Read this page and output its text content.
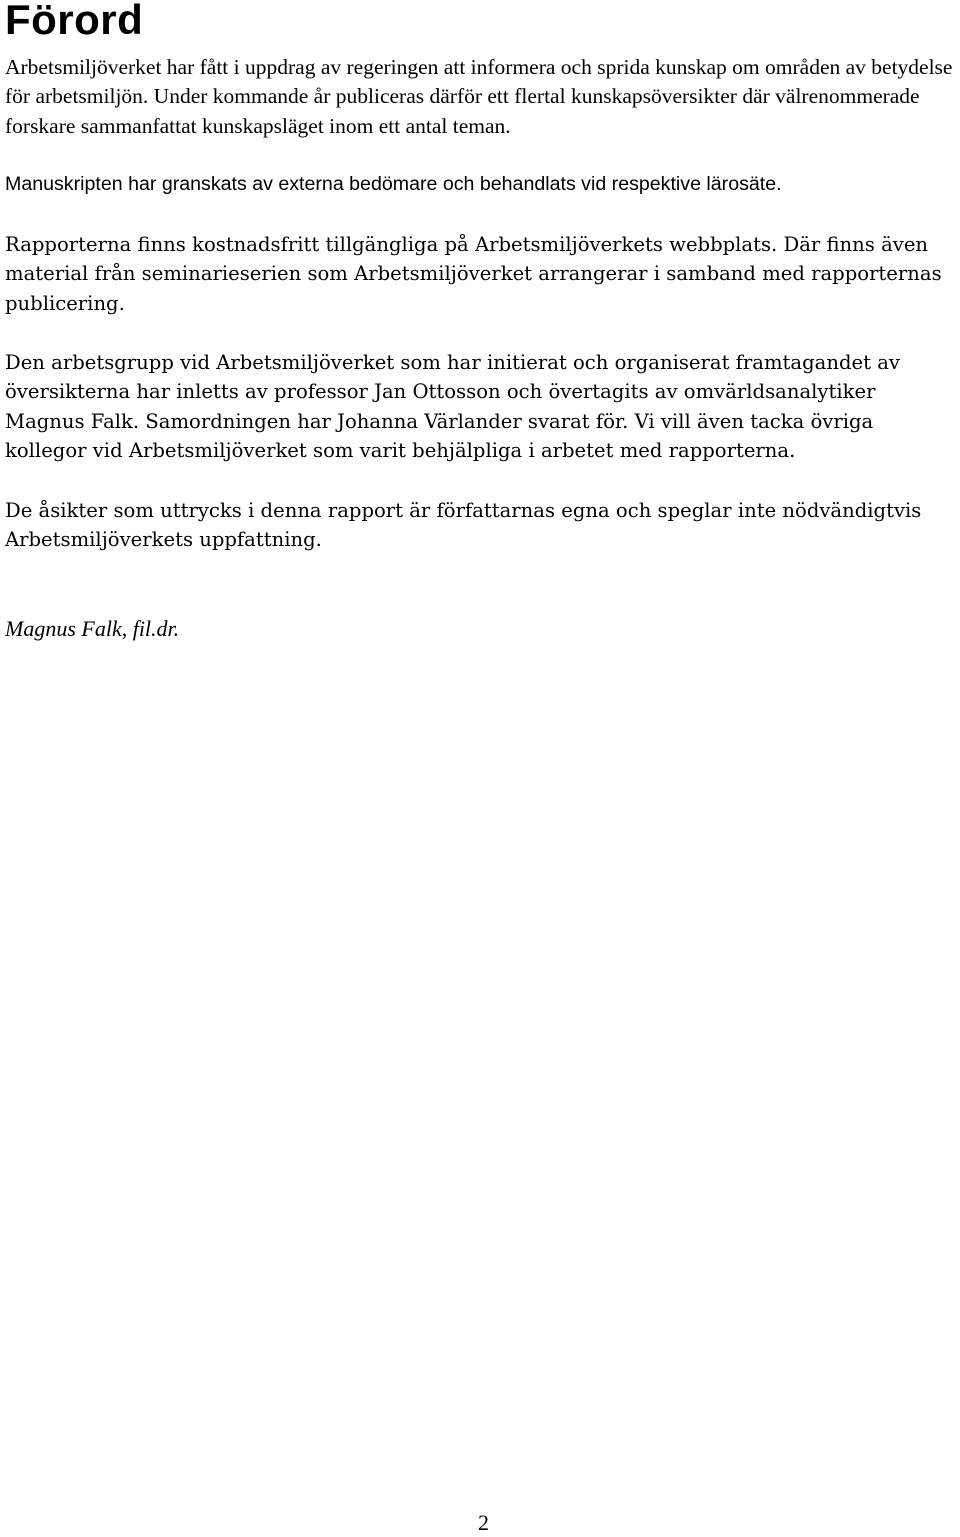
Förord

Arbetsmiljöverket har fått i uppdrag av regeringen att informera och sprida kunskap om områden av betydelse för arbetsmiljön. Under kommande år publiceras därför ett flertal kunskapsöversikter där välrenommerade forskare sammanfattat kunskapsläget inom ett antal teman.

Manuskripten har granskats av externa bedömare och behandlats vid respektive lärosäte.

Rapporterna finns kostnadsfritt tillgängliga på Arbetsmiljöverkets webbplats. Där finns även material från seminarieserien som Arbetsmiljöverket arrangerar i samband med rapporternas publicering.

Den arbetsgrupp vid Arbetsmiljöverket som har initierat och organiserat framtagandet av översikterna har inletts av professor Jan Ottosson och övertagits av omvärldsanalytiker Magnus Falk. Samordningen har Johanna Värlander svarat för. Vi vill även tacka övriga kollegor vid Arbetsmiljöverket som varit behjälpliga i arbetet med rapporterna.

De åsikter som uttrycks i denna rapport är författarnas egna och speglar inte nödvändigtvis Arbetsmiljöverkets uppfattning.

Magnus Falk, fil.dr.

2
